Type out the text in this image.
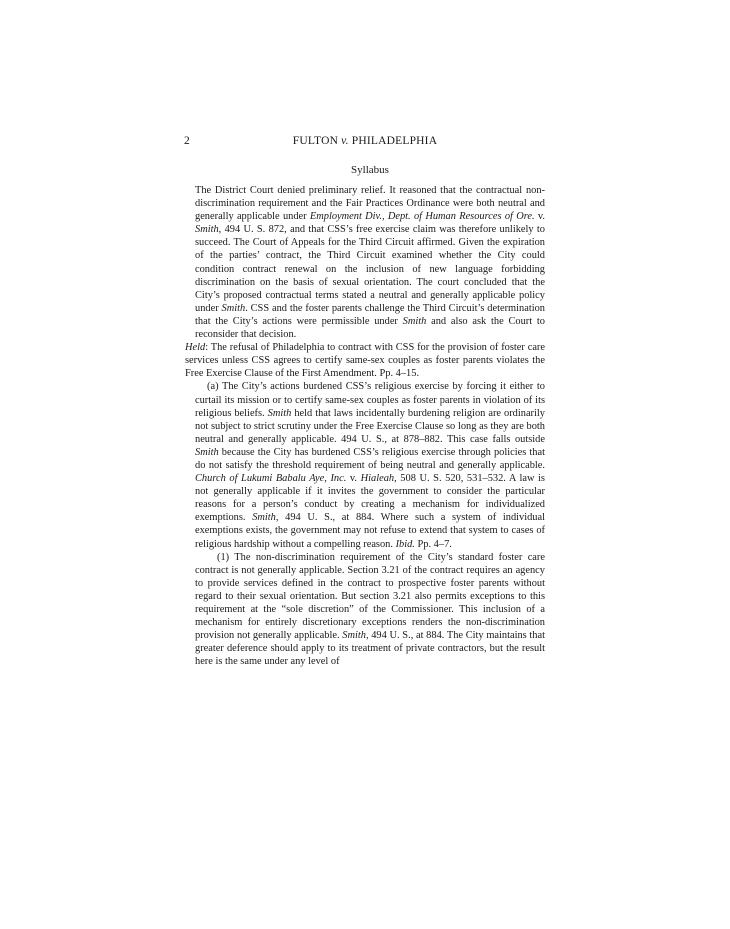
2	FULTON v. PHILADELPHIA
Syllabus

The District Court denied preliminary relief. It reasoned that the contractual non-discrimination requirement and the Fair Practices Ordinance were both neutral and generally applicable under Employment Div., Dept. of Human Resources of Ore. v. Smith, 494 U. S. 872, and that CSS’s free exercise claim was therefore unlikely to succeed. The Court of Appeals for the Third Circuit affirmed. Given the expiration of the parties’ contract, the Third Circuit examined whether the City could condition contract renewal on the inclusion of new language forbidding discrimination on the basis of sexual orientation. The court concluded that the City’s proposed contractual terms stated a neutral and generally applicable policy under Smith. CSS and the foster parents challenge the Third Circuit’s determination that the City’s actions were permissible under Smith and also ask the Court to reconsider that decision.

Held: The refusal of Philadelphia to contract with CSS for the provision of foster care services unless CSS agrees to certify same-sex couples as foster parents violates the Free Exercise Clause of the First Amendment. Pp. 4–15.

(a) The City’s actions burdened CSS’s religious exercise by forcing it either to curtail its mission or to certify same-sex couples as foster parents in violation of its religious beliefs. Smith held that laws incidentally burdening religion are ordinarily not subject to strict scrutiny under the Free Exercise Clause so long as they are both neutral and generally applicable. 494 U. S., at 878–882. This case falls outside Smith because the City has burdened CSS’s religious exercise through policies that do not satisfy the threshold requirement of being neutral and generally applicable. Church of Lukumi Babalu Aye, Inc. v. Hialeah, 508 U. S. 520, 531–532. A law is not generally applicable if it invites the government to consider the particular reasons for a person’s conduct by creating a mechanism for individualized exemptions. Smith, 494 U. S., at 884. Where such a system of individual exemptions exists, the government may not refuse to extend that system to cases of religious hardship without a compelling reason. Ibid. Pp. 4–7.

(1) The non-discrimination requirement of the City’s standard foster care contract is not generally applicable. Section 3.21 of the contract requires an agency to provide services defined in the contract to prospective foster parents without regard to their sexual orientation. But section 3.21 also permits exceptions to this requirement at the “sole discretion” of the Commissioner. This inclusion of a mechanism for entirely discretionary exceptions renders the non-discrimination provision not generally applicable. Smith, 494 U. S., at 884. The City maintains that greater deference should apply to its treatment of private contractors, but the result here is the same under any level of
